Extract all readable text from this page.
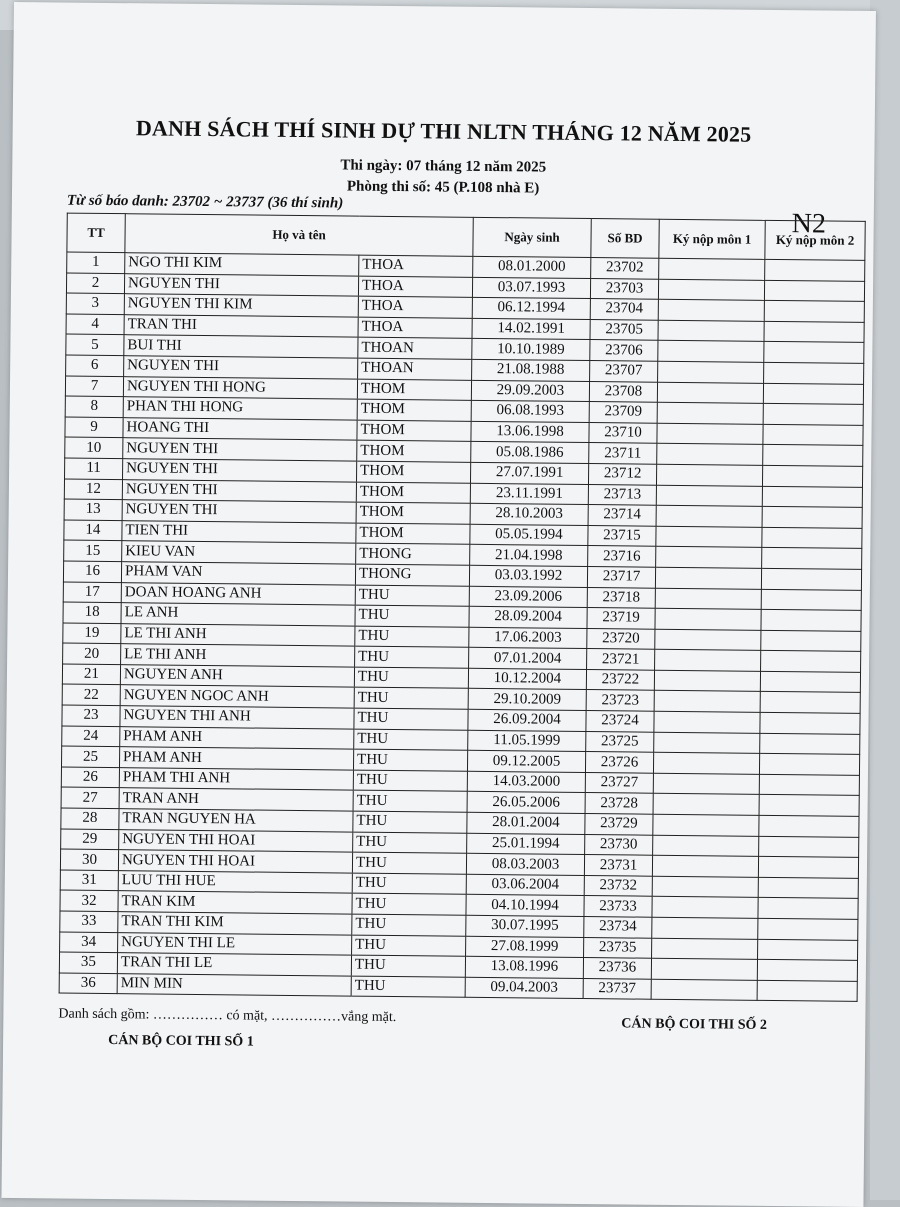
DANH SÁCH THÍ SINH DỰ THI NLTN THÁNG 12 NĂM 2025
Thi ngày: 07 tháng 12 năm 2025
Phòng thi số: 45 (P.108 nhà E)
Từ số báo danh: 23702 ~ 23737 (36 thí sinh)
N2
TT	Họ và tên		Ngày sinh	Số BD	Ký nộp môn 1	Ký nộp môn 2
1	NGO THI KIM	THOA	08.01.2000	23702		
2	NGUYEN THI	THOA	03.07.1993	23703		
3	NGUYEN THI KIM	THOA	06.12.1994	23704		
4	TRAN THI	THOA	14.02.1991	23705		
5	BUI THI	THOAN	10.10.1989	23706		
6	NGUYEN THI	THOAN	21.08.1988	23707		
7	NGUYEN THI HONG	THOM	29.09.2003	23708		
8	PHAN THI HONG	THOM	06.08.1993	23709		
9	HOANG THI	THOM	13.06.1998	23710		
10	NGUYEN THI	THOM	05.08.1986	23711		
11	NGUYEN THI	THOM	27.07.1991	23712		
12	NGUYEN THI	THOM	23.11.1991	23713		
13	NGUYEN THI	THOM	28.10.2003	23714		
14	TIEN THI	THOM	05.05.1994	23715		
15	KIEU VAN	THONG	21.04.1998	23716		
16	PHAM VAN	THONG	03.03.1992	23717		
17	DOAN HOANG ANH	THU	23.09.2006	23718		
18	LE ANH	THU	28.09.2004	23719		
19	LE THI ANH	THU	17.06.2003	23720		
20	LE THI ANH	THU	07.01.2004	23721		
21	NGUYEN ANH	THU	10.12.2004	23722		
22	NGUYEN NGOC ANH	THU	29.10.2009	23723		
23	NGUYEN THI ANH	THU	26.09.2004	23724		
24	PHAM ANH	THU	11.05.1999	23725		
25	PHAM ANH	THU	09.12.2005	23726		
26	PHAM THI ANH	THU	14.03.2000	23727		
27	TRAN ANH	THU	26.05.2006	23728		
28	TRAN NGUYEN HA	THU	28.01.2004	23729		
29	NGUYEN THI HOAI	THU	25.01.1994	23730		
30	NGUYEN THI HOAI	THU	08.03.2003	23731		
31	LUU THI HUE	THU	03.06.2004	23732		
32	TRAN KIM	THU	04.10.1994	23733		
33	TRAN THI KIM	THU	30.07.1995	23734		
34	NGUYEN THI LE	THU	27.08.1999	23735		
35	TRAN THI LE	THU	13.08.1996	23736		
36	MIN MIN	THU	09.04.2003	23737		
Danh sách gồm: …………… có mặt, ……………vắng mặt.
CÁN BỘ COI THI SỐ 1
CÁN BỘ COI THI SỐ 2
